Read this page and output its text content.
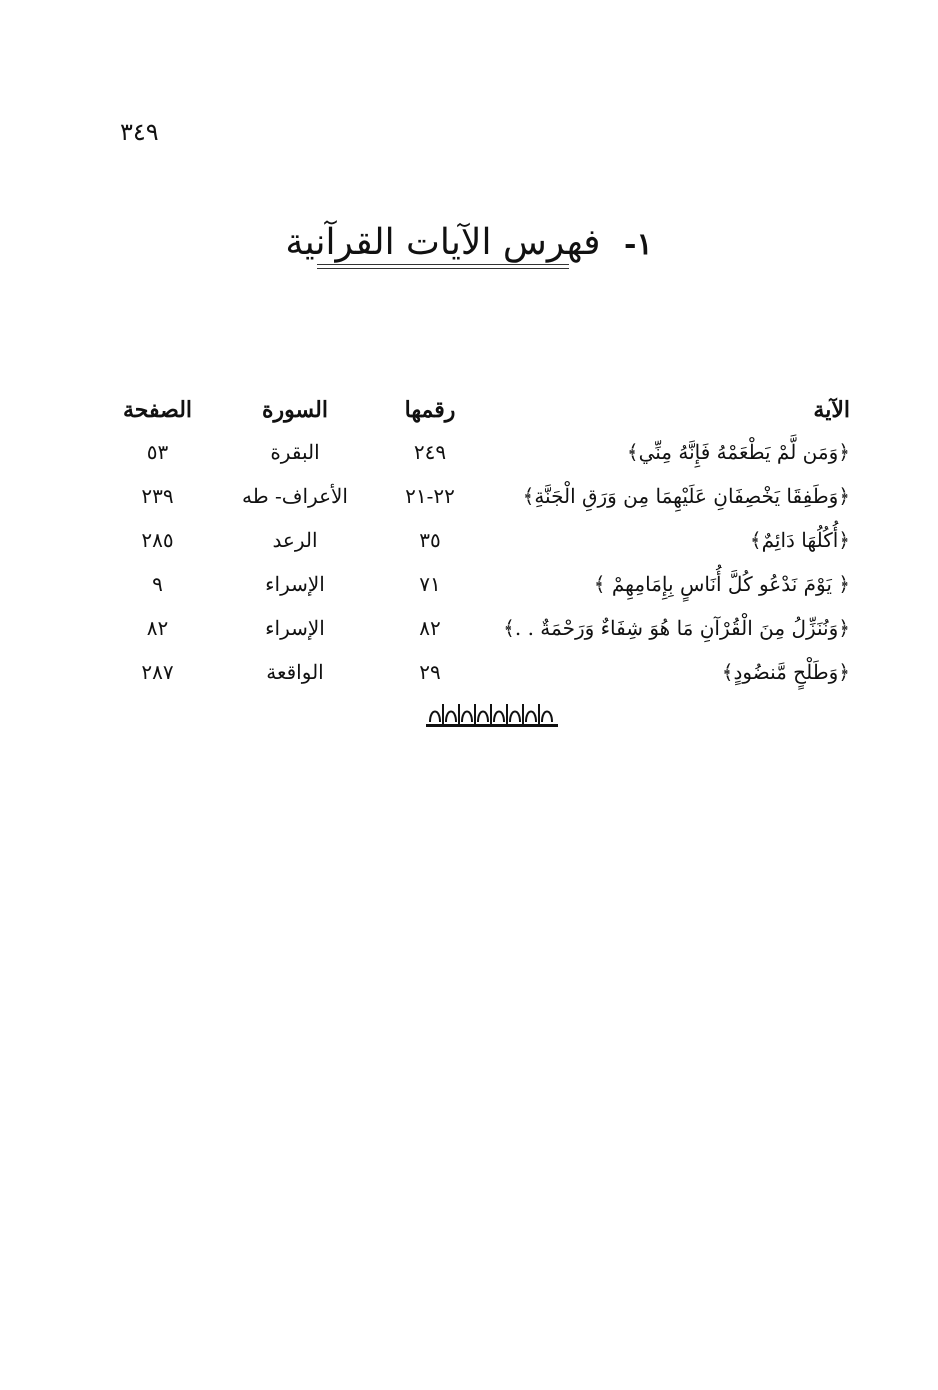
٣٤٩
١- فهرس الآيات القرآنية
الآية	رقمها	السورة	الصفحة
﴿وَمَن لَّمْ يَطْعَمْهُ فَإِنَّهُ مِنِّي﴾	٢٤٩	البقرة	٥٣
﴿وَطَفِقَا يَخْصِفَانِ عَلَيْهِمَا مِن وَرَقِ الْجَنَّةِ﴾	٢٢-٢١	الأعراف- طه	٢٣٩
﴿أُكُلُهَا دَائِمٌ﴾	٣٥	الرعد	٢٨٥
﴿ يَوْمَ نَدْعُو كُلَّ أُنَاسٍ بِإِمَامِهِمْ ﴾	٧١	الإسراء	٩
﴿وَنُنَزِّلُ مِنَ الْقُرْآنِ مَا هُوَ شِفَاءٌ وَرَحْمَةٌ . .﴾	٨٢	الإسراء	٨٢
﴿وَطَلْحٍ مَّنضُودٍ﴾	٢٩	الواقعة	٢٨٧
